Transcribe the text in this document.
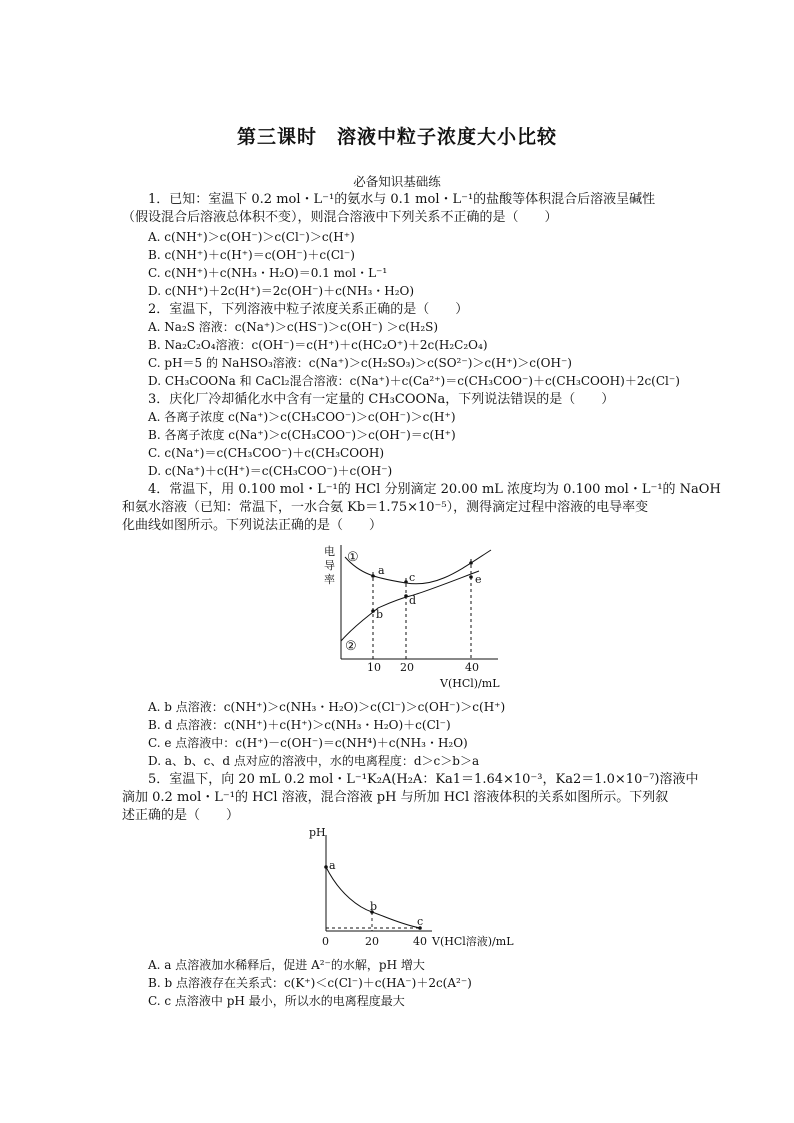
第三课时　溶液中粒子浓度大小比较
必备知识基础练
1．已知：室温下 0.2 mol・L⁻¹的氨水与 0.1 mol・L⁻¹的盐酸等体积混合后溶液呈碱性
（假设混合后溶液总体积不变），则混合溶液中下列关系不正确的是（　　）
A. c(NH⁺)＞c(OH⁻)＞c(Cl⁻)＞c(H⁺)
B. c(NH⁺)＋c(H⁺)＝c(OH⁻)＋c(Cl⁻)
C. c(NH⁺)＋c(NH₃・H₂O)＝0.1 mol・L⁻¹
D. c(NH⁺)＋2c(H⁺)＝2c(OH⁻)＋c(NH₃・H₂O)
2．室温下，下列溶液中粒子浓度关系正确的是（　　）
A. Na₂S 溶液：c(Na⁺)＞c(HS⁻)＞c(OH⁻) ＞c(H₂S)
B. Na₂C₂O₄溶液：c(OH⁻)＝c(H⁺)＋c(HC₂O⁺)＋2c(H₂C₂O₄)
C. pH＝5 的 NaHSO₃溶液：c(Na⁺)＞c(H₂SO₃)＞c(SO²⁻)＞c(H⁺)＞c(OH⁻)
D. CH₃COONa 和 CaCl₂混合溶液：c(Na⁺)＋c(Ca²⁺)＝c(CH₃COO⁻)＋c(CH₃COOH)＋2c(Cl⁻)
3．庆化厂冷却循化水中含有一定量的 CH₃COONa，下列说法错误的是（　　）
A. 各离子浓度 c(Na⁺)＞c(CH₃COO⁻)＞c(OH⁻)＞c(H⁺)
B. 各离子浓度 c(Na⁺)＞c(CH₃COO⁻)＞c(OH⁻)＝c(H⁺)
C. c(Na⁺)＝c(CH₃COO⁻)＋c(CH₃COOH)
D. c(Na⁺)＋c(H⁺)＝c(CH₃COO⁻)＋c(OH⁻)
4．常温下，用 0.100 mol・L⁻¹的 HCl 分别滴定 20.00 mL 浓度均为 0.100 mol・L⁻¹的 NaOH
和氨水溶液（已知：常温下，一水合氨 Kb＝1.75×10⁻⁵），测得滴定过程中溶液的电导率变
化曲线如图所示。下列说法正确的是（　　）
A. b 点溶液：c(NH⁺)＞c(NH₃・H₂O)＞c(Cl⁻)＞c(OH⁻)＞c(H⁺)
B. d 点溶液：c(NH⁺)＋c(H⁺)＞c(NH₃・H₂O)＋c(Cl⁻)
C. e 点溶液中：c(H⁺)－c(OH⁻)＝c(NH⁴)＋c(NH₃・H₂O)
D. a、b、c、d 点对应的溶液中，水的电离程度：d＞c＞b＞a
5．室温下，向 20 mL 0.2 mol・L⁻¹K₂A(H₂A：Ka1＝1.64×10⁻³，Ka2＝1.0×10⁻⁷)溶液中
滴加 0.2 mol・L⁻¹的 HCl 溶液，混合溶液 pH 与所加 HCl 溶液体积的关系如图所示。下列叙
述正确的是（　　）
A. a 点溶液加水稀释后，促进 A²⁻的水解，pH 增大
B. b 点溶液存在关系式：c(K⁺)＜c(Cl⁻)＋c(HA⁻)＋2c(A²⁻)
C. c 点溶液中 pH 最小，所以水的电离程度最大
电
导
率
①
②
a
b
c
d
e
10 20	40
V(HCl)/mL
pH
a
b
c
0	20	40 V(HCl溶液)/mL
